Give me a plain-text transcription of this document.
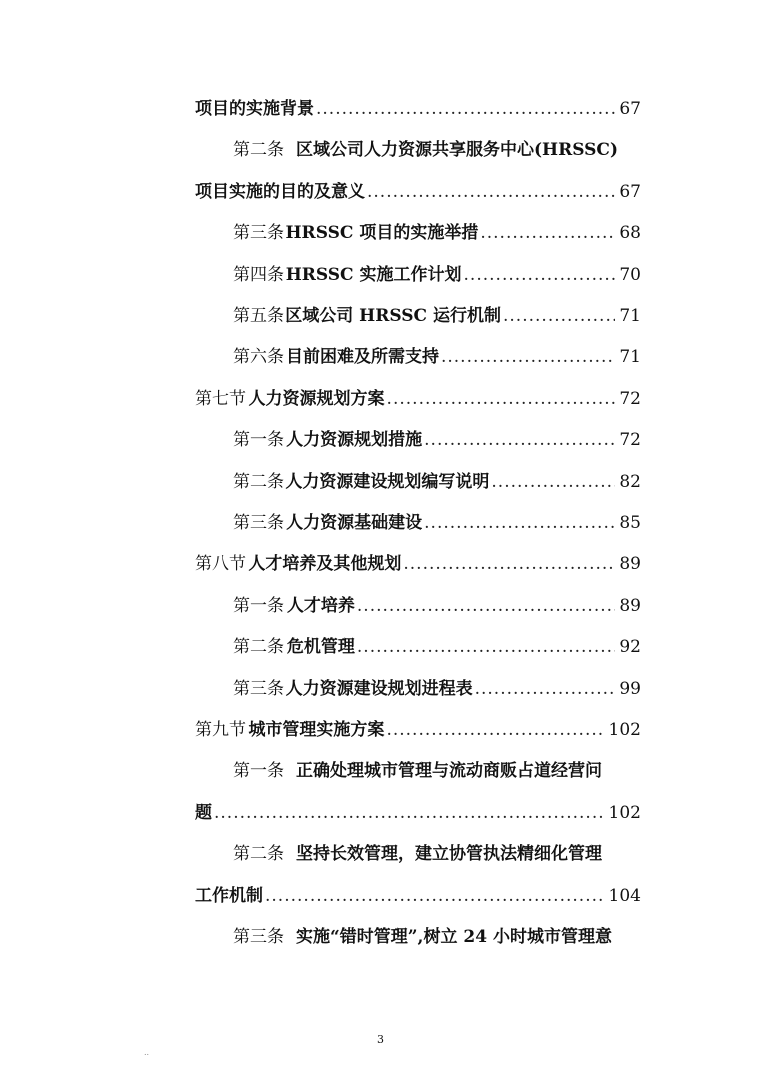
项目的实施背景 .....	67
第二条 区域公司人力资源共享服务中心(HRSSC)
项目实施的目的及意义 .....	67
第三条 HRSSC 项目的实施举措 .....	68
第四条 HRSSC 实施工作计划 .....	70
第五条 区域公司 HRSSC 运行机制 .....	71
第六条 目前困难及所需支持 .....	71
第七节 人力资源规划方案 .....	72
第一条 人力资源规划措施 .....	72
第二条 人力资源建设规划编写说明 .....	82
第三条 人力资源基础建设 .....	85
第八节 人才培养及其他规划 .....	89
第一条 人才培养 .....	89
第二条 危机管理 .....	92
第三条 人力资源建设规划进程表 .....	99
第九节 城市管理实施方案 .....	102
第一条 正确处理城市管理与流动商贩占道经营问
题 .....	102
第二条 坚持长效管理，建立协管执法精细化管理
工作机制 .....	104
第三条 实施“错时管理”,树立 24 小时城市管理意
3
..
